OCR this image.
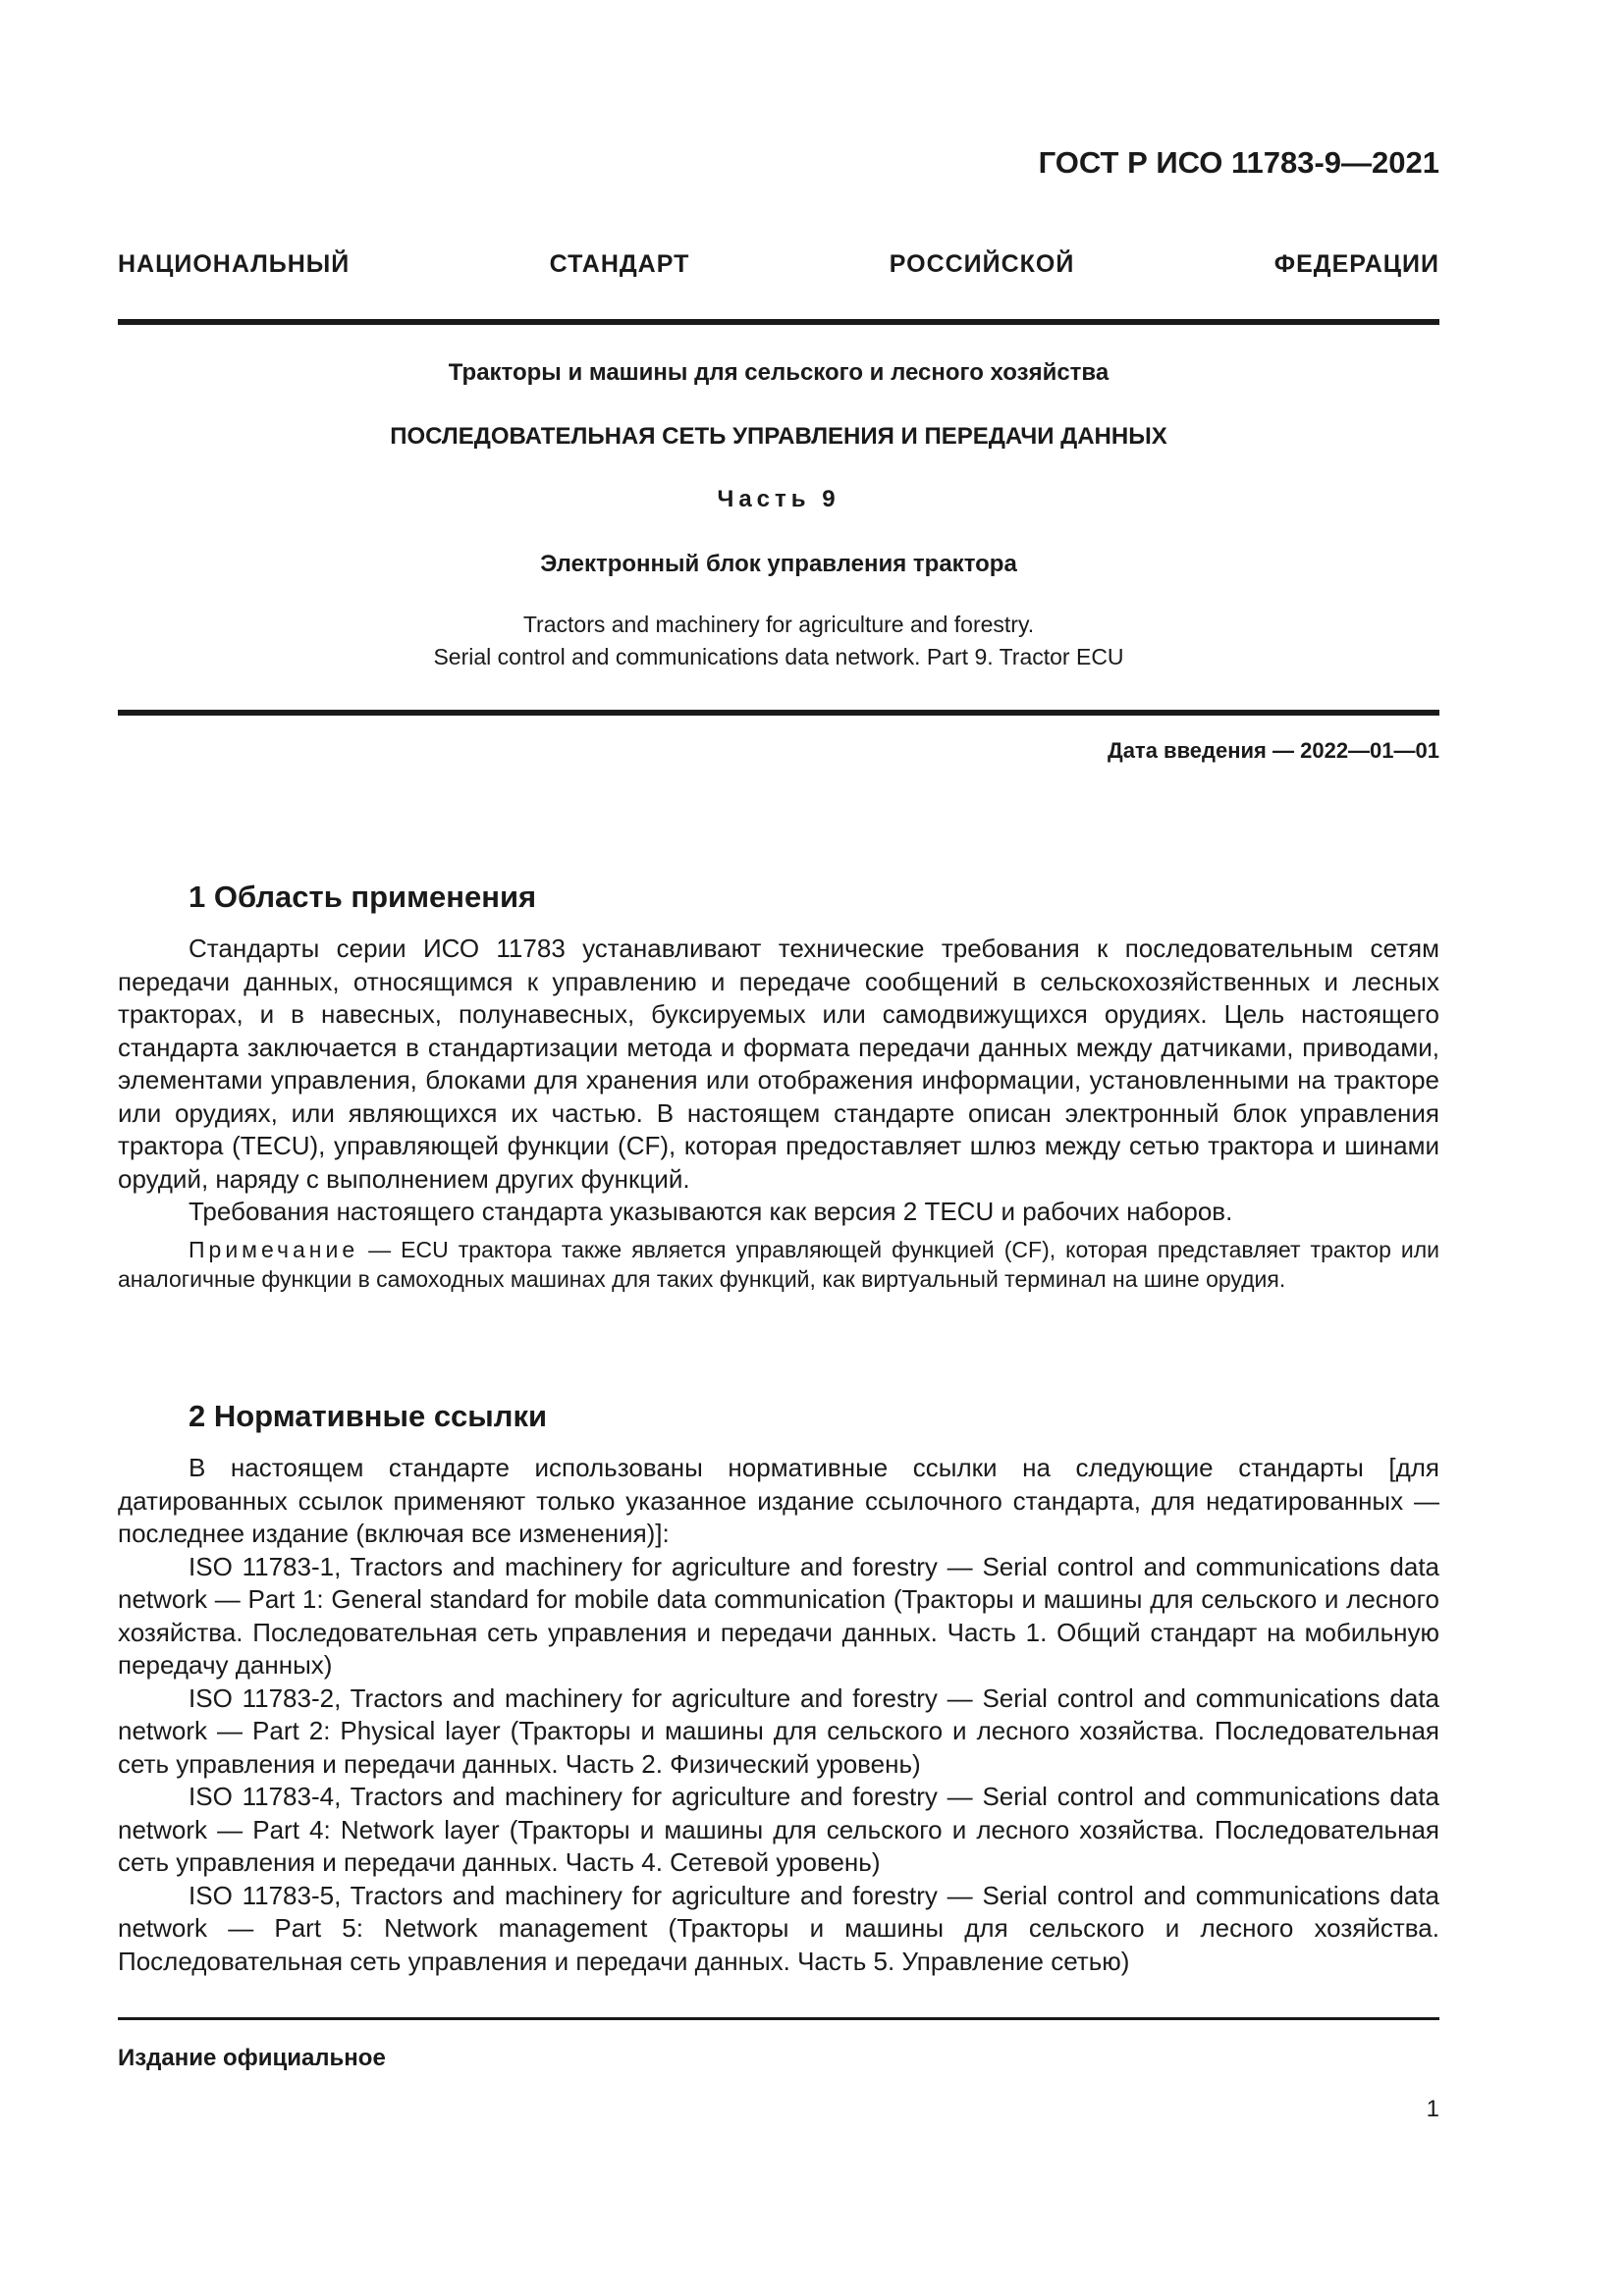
ГОСТ Р ИСО 11783-9—2021

НАЦИОНАЛЬНЫЙ СТАНДАРТ РОССИЙСКОЙ ФЕДЕРАЦИИ

Тракторы и машины для сельского и лесного хозяйства

ПОСЛЕДОВАТЕЛЬНАЯ СЕТЬ УПРАВЛЕНИЯ И ПЕРЕДАЧИ ДАННЫХ

Часть 9

Электронный блок управления трактора

Tractors and machinery for agriculture and forestry.

Serial control and communications data network. Part 9. Tractor ECU

Дата введения — 2022—01—01

1 Область применения

Стандарты серии ИСО 11783 устанавливают технические требования к последовательным сетям передачи данных, относящимся к управлению и передаче сообщений в сельскохозяйственных и лесных тракторах, и в навесных, полунавесных, буксируемых или самодвижущихся орудиях. Цель настоящего стандарта заключается в стандартизации метода и формата передачи данных между датчиками, приводами, элементами управления, блоками для хранения или отображения информации, установленными на тракторе или орудиях, или являющихся их частью. В настоящем стандарте описан электронный блок управления трактора (TECU), управляющей функции (CF), которая предоставляет шлюз между сетью трактора и шинами орудий, наряду с выполнением других функций.

Требования настоящего стандарта указываются как версия 2 TECU и рабочих наборов.

Примечание — ECU трактора также является управляющей функцией (CF), которая представляет трактор или аналогичные функции в самоходных машинах для таких функций, как виртуальный терминал на шине орудия.

2 Нормативные ссылки

В настоящем стандарте использованы нормативные ссылки на следующие стандарты [для датированных ссылок применяют только указанное издание ссылочного стандарта, для недатированных — последнее издание (включая все изменения)]:

ISO 11783-1, Tractors and machinery for agriculture and forestry — Serial control and communications data network — Part 1: General standard for mobile data communication (Тракторы и машины для сельского и лесного хозяйства. Последовательная сеть управления и передачи данных. Часть 1. Общий стандарт на мобильную передачу данных)

ISO 11783-2, Tractors and machinery for agriculture and forestry — Serial control and communications data network — Part 2: Physical layer (Тракторы и машины для сельского и лесного хозяйства. Последовательная сеть управления и передачи данных. Часть 2. Физический уровень)

ISO 11783-4, Tractors and machinery for agriculture and forestry — Serial control and communications data network — Part 4: Network layer (Тракторы и машины для сельского и лесного хозяйства. Последовательная сеть управления и передачи данных. Часть 4. Сетевой уровень)

ISO 11783-5, Tractors and machinery for agriculture and forestry — Serial control and communications data network — Part 5: Network management (Тракторы и машины для сельского и лесного хозяйства. Последовательная сеть управления и передачи данных. Часть 5. Управление сетью)

Издание официальное

1
